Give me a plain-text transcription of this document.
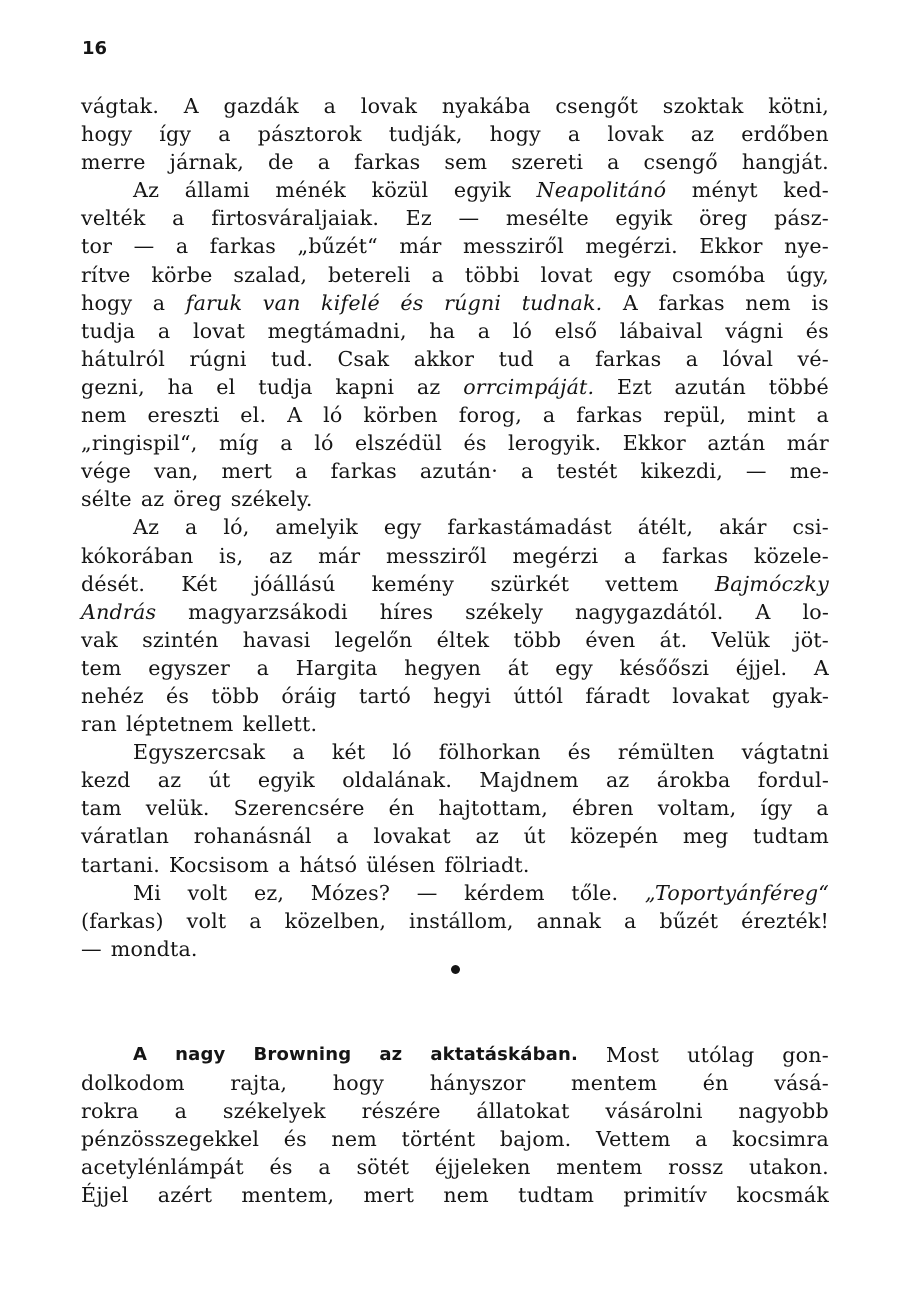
16
vágtak. A gazdák a lovak nyakába csengőt szoktak kötni,
hogy így a pásztorok tudják, hogy a lovak az erdőben
merre járnak, de a farkas sem szereti a csengő hangját.
Az állami ménék közül egyik Neapolitánó ményt ked-
velték a firtosváraljaiak. Ez — mesélte egyik öreg pász-
tor — a farkas „bűzét“ már messziről megérzi. Ekkor nye-
rítve körbe szalad, betereli a többi lovat egy csomóba úgy,
hogy a faruk van kifelé és rúgni tudnak. A farkas nem is
tudja a lovat megtámadni, ha a ló első lábaival vágni és
hátulról rúgni tud. Csak akkor tud a farkas a lóval vé-
gezni, ha el tudja kapni az orrcimpáját. Ezt azután többé
nem ereszti el. A ló körben forog, a farkas repül, mint a
„ringispil“, míg a ló elszédül és lerogyik. Ekkor aztán már
vége van, mert a farkas azután· a testét kikezdi, — me-
sélte az öreg székely.
Az a ló, amelyik egy farkastámadást átélt, akár csi-
kókorában is, az már messziről megérzi a farkas közele-
dését. Két jóállású kemény szürkét vettem Bajmóczky
András magyarzsákodi híres székely nagygazdától. A lo-
vak szintén havasi legelőn éltek több éven át. Velük jöt-
tem egyszer a Hargita hegyen át egy későőszi éjjel. A
nehéz és több óráig tartó hegyi úttól fáradt lovakat gyak-
ran léptetnem kellett.
Egyszercsak a két ló fölhorkan és rémülten vágtatni
kezd az út egyik oldalának. Majdnem az árokba fordul-
tam velük. Szerencsére én hajtottam, ébren voltam, így a
váratlan rohanásnál a lovakat az út közepén meg tudtam
tartani. Kocsisom a hátsó ülésen fölriadt.
Mi volt ez, Mózes? — kérdem tőle. „Toportyánféreg“
(farkas) volt a közelben, instállom, annak a bűzét érezték!
— mondta.
A nagy Browning az aktatáskában. Most utólag gon-
dolkodom rajta, hogy hányszor mentem én vásá-
rokra a székelyek részére állatokat vásárolni nagyobb
pénzösszegekkel és nem történt bajom. Vettem a kocsimra
acetylénlámpát és a sötét éjjeleken mentem rossz utakon.
Éjjel azért mentem, mert nem tudtam primitív kocsmák
